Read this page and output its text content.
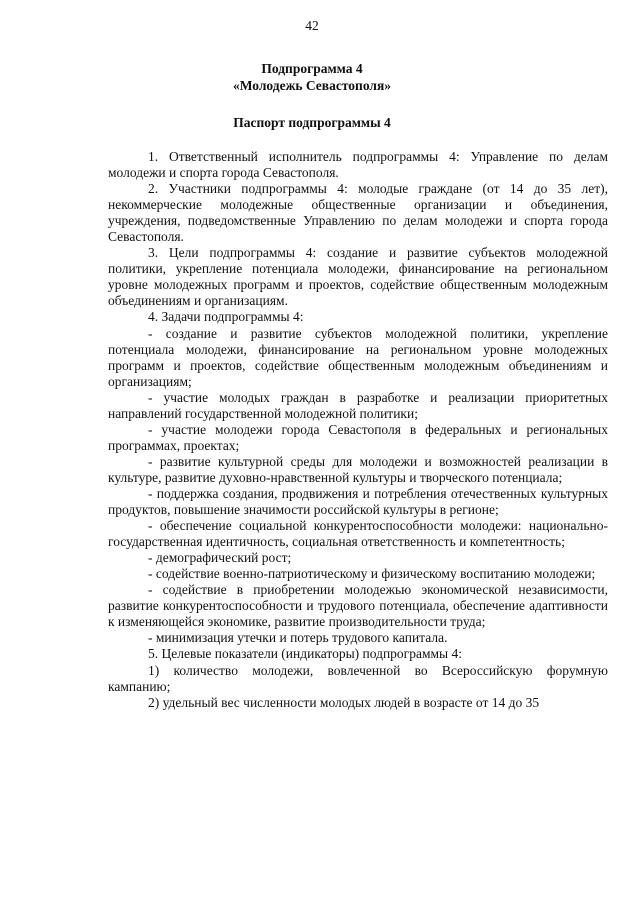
42
Подпрограмма 4
«Молодежь Севастополя»
Паспорт подпрограммы 4

1. Ответственный исполнитель подпрограммы 4: Управление по делам молодежи и спорта города Севастополя.

2. Участники подпрограммы 4: молодые граждане (от 14 до 35 лет), некоммерческие молодежные общественные организации и объединения, учреждения, подведомственные Управлению по делам молодежи и спорта города Севастополя.

3. Цели подпрограммы 4: создание и развитие субъектов молодежной политики, укрепление потенциала молодежи, финансирование на региональном уровне молодежных программ и проектов, содействие общественным молодежным объединениям и организациям.

4. Задачи подпрограммы 4:

- создание и развитие субъектов молодежной политики, укрепление потенциала молодежи, финансирование на региональном уровне молодежных программ и проектов, содействие общественным молодежным объединениям и организациям;

- участие молодых граждан в разработке и реализации приоритетных направлений государственной молодежной политики;

- участие молодежи города Севастополя в федеральных и региональных программах, проектах;

- развитие культурной среды для молодежи и возможностей реализации в культуре, развитие духовно-нравственной культуры и творческого потенциала;

- поддержка создания, продвижения и потребления отечественных культурных продуктов, повышение значимости российской культуры в регионе;

- обеспечение социальной конкурентоспособности молодежи: национально-государственная идентичность, социальная ответственность и компетентность;

- демографический рост;

- содействие военно-патриотическому и физическому воспитанию молодежи;

- содействие в приобретении молодежью экономической независимости, развитие конкурентоспособности и трудового потенциала, обеспечение адаптивности к изменяющейся экономике, развитие производительности труда;

- минимизация утечки и потерь трудового капитала.

5. Целевые показатели (индикаторы) подпрограммы 4:

1) количество молодежи, вовлеченной во Всероссийскую форумную кампанию;

2) удельный вес численности молодых людей в возрасте от 14 до 35
